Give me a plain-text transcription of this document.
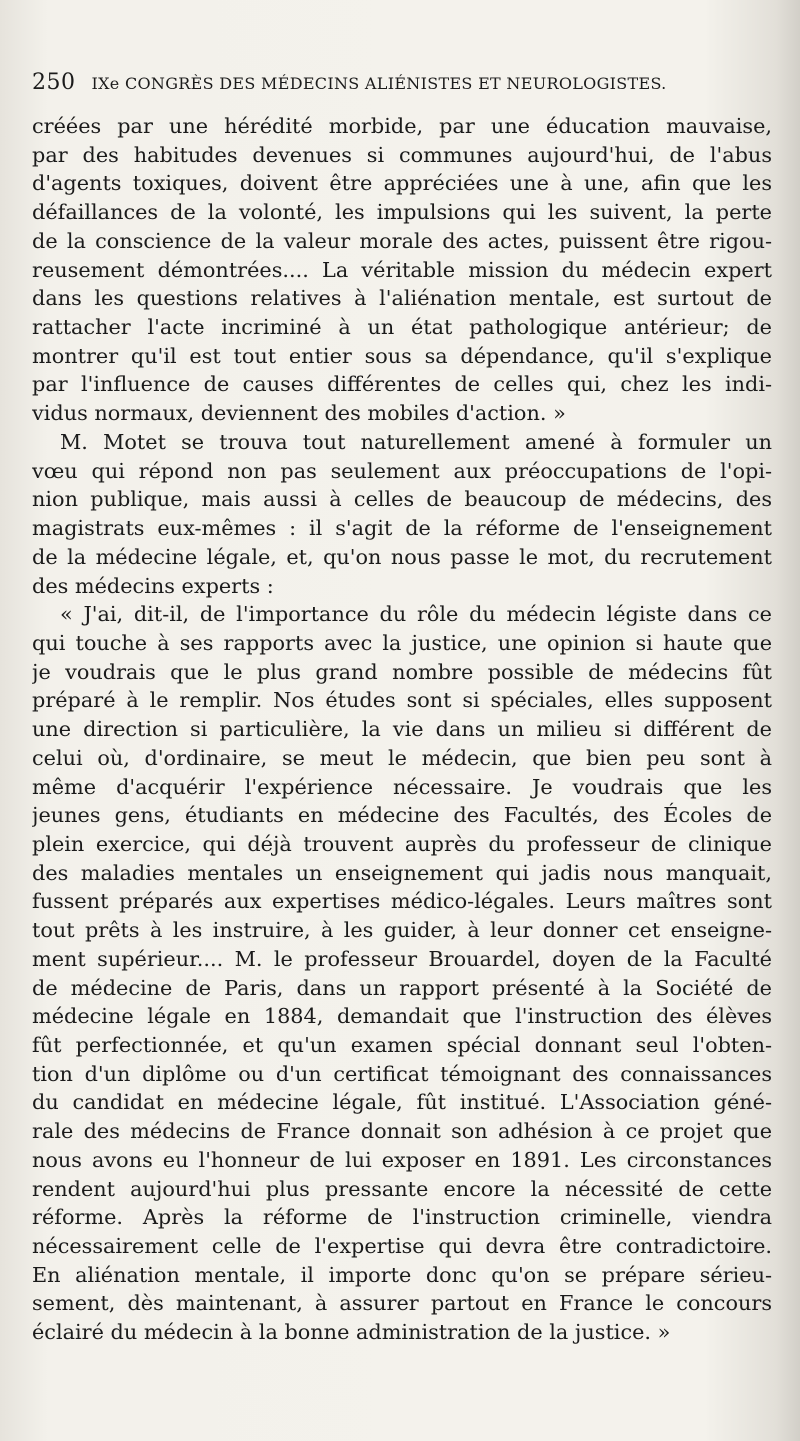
250 IXe CONGRÈS DES MÉDECINS ALIÉNISTES ET NEUROLOGISTES.
créées par une hérédité morbide, par une éducation mauvaise,
par des habitudes devenues si communes aujourd'hui, de l'abus
d'agents toxiques, doivent être appréciées une à une, afin que les
défaillances de la volonté, les impulsions qui les suivent, la perte
de la conscience de la valeur morale des actes, puissent être rigou-
reusement démontrées.... La véritable mission du médecin expert
dans les questions relatives à l'aliénation mentale, est surtout de
rattacher l'acte incriminé à un état pathologique antérieur; de
montrer qu'il est tout entier sous sa dépendance, qu'il s'explique
par l'influence de causes différentes de celles qui, chez les indi-
vidus normaux, deviennent des mobiles d'action. »
M. Motet se trouva tout naturellement amené à formuler un
vœu qui répond non pas seulement aux préoccupations de l'opi-
nion publique, mais aussi à celles de beaucoup de médecins, des
magistrats eux-mêmes : il s'agit de la réforme de l'enseignement
de la médecine légale, et, qu'on nous passe le mot, du recrutement
des médecins experts :
« J'ai, dit-il, de l'importance du rôle du médecin légiste dans ce
qui touche à ses rapports avec la justice, une opinion si haute que
je voudrais que le plus grand nombre possible de médecins fût
préparé à le remplir. Nos études sont si spéciales, elles supposent
une direction si particulière, la vie dans un milieu si différent de
celui où, d'ordinaire, se meut le médecin, que bien peu sont à
même d'acquérir l'expérience nécessaire. Je voudrais que les
jeunes gens, étudiants en médecine des Facultés, des Écoles de
plein exercice, qui déjà trouvent auprès du professeur de clinique
des maladies mentales un enseignement qui jadis nous manquait,
fussent préparés aux expertises médico-légales. Leurs maîtres sont
tout prêts à les instruire, à les guider, à leur donner cet enseigne-
ment supérieur.... M. le professeur Brouardel, doyen de la Faculté
de médecine de Paris, dans un rapport présenté à la Société de
médecine légale en 1884, demandait que l'instruction des élèves
fût perfectionnée, et qu'un examen spécial donnant seul l'obten-
tion d'un diplôme ou d'un certificat témoignant des connaissances
du candidat en médecine légale, fût institué. L'Association géné-
rale des médecins de France donnait son adhésion à ce projet que
nous avons eu l'honneur de lui exposer en 1891. Les circonstances
rendent aujourd'hui plus pressante encore la nécessité de cette
réforme. Après la réforme de l'instruction criminelle, viendra
nécessairement celle de l'expertise qui devra être contradictoire.
En aliénation mentale, il importe donc qu'on se prépare sérieu-
sement, dès maintenant, à assurer partout en France le concours
éclairé du médecin à la bonne administration de la justice. »
